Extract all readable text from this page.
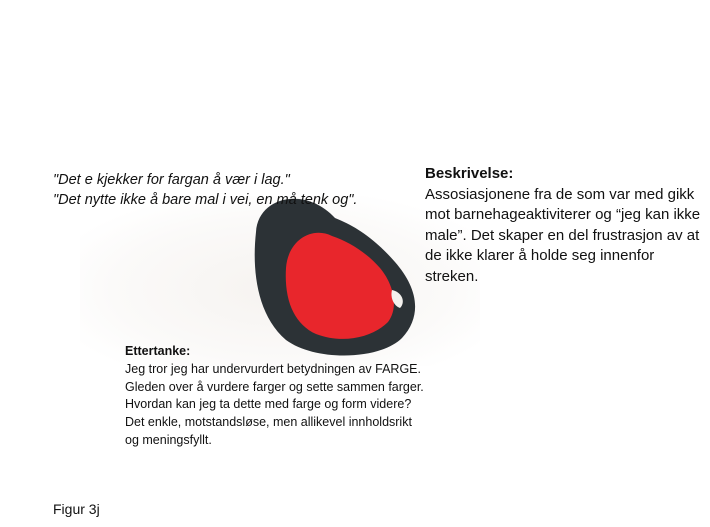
"Det e kjekker for fargan å vær i lag."
"Det nytte ikke å bare mal i vei, en må tenk og".
Beskrivelse:
Assosiasjonene fra de som var med gikk mot barnehageaktiviterer og “jeg kan ikke male”. Det skaper en del frustrasjon av at de ikke klarer å holde seg innenfor streken.
Ettertanke:
Jeg tror jeg har undervurdert betydningen av FARGE.
Gleden over å vurdere farger og sette sammen farger.
Hvordan kan jeg ta dette med farge og form videre?
Det enkle, motstandsløse, men allikevel innholdsrikt
og meningsfyllt.
Figur 3j
